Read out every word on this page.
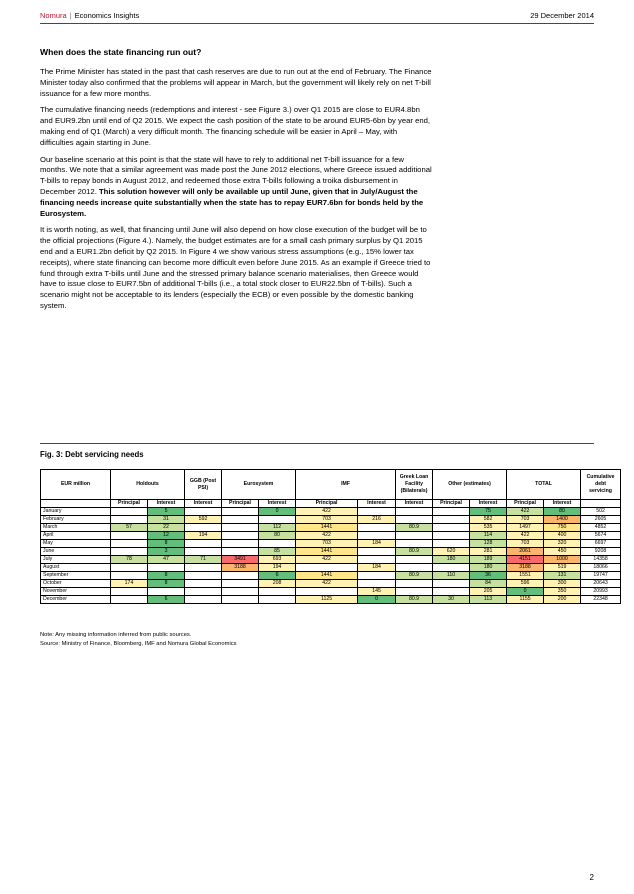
Nomura | Economics Insights	29 December 2014
When does the state financing run out?

The Prime Minister has stated in the past that cash reserves are due to run out at the end of February. The Finance Minister today also confirmed that the problems will appear in March, but the government will likely rely on net T-bill issuance for a few more months.

The cumulative financing needs (redemptions and interest - see Figure 3.) over Q1 2015 are close to EUR4.8bn and EUR9.2bn until end of Q2 2015. We expect the cash position of the state to be around EUR5-6bn by year end, making end of Q1 (March) a very difficult month. The financing schedule will be easier in April – May, with difficulties again starting in June.

Our baseline scenario at this point is that the state will have to rely to additional net T-bill issuance for a few months. We note that a similar agreement was made post the June 2012 elections, where Greece issued additional T-bills to repay bonds in August 2012, and redeemed those extra T-bills following a troika disbursement in December 2012. This solution however will only be available up until June, given that in July/August the financing needs increase quite substantially when the state has to repay EUR7.6bn for bonds held by the Eurosystem.

It is worth noting, as well, that financing until June will also depend on how close execution of the budget will be to the official projections (Figure 4.). Namely, the budget estimates are for a small cash primary surplus by Q1 2015 end and a EUR1.2bn deficit by Q2 2015. In Figure 4 we show various stress assumptions (e.g., 15% lower tax receipts), where state financing can become more difficult even before June 2015. As an example if Greece tried to fund through extra T-bills until June and the stressed primary balance scenario materialises, then Greece would have to issue close to EUR7.5bn of additional T-bills (i.e., a total stock closer to EUR22.5bn of T-bills). Such a scenario might not be acceptable to its lenders (especially the ECB) or even possible by the domestic banking system.

Fig. 3: Debt servicing needs
EUR million	Holdouts		GGB (Post PSI)	Eurosystem		IMF		Greek Loan Facility (Bilaterals)	Other (estimates)		TOTAL		Cumulative debt servicing
	Principal	Interest	Interest	Principal	Interest	Principal	Interest	Interest	Principal	Interest	Principal	Interest	
January		5			0	422				75	422	80	502
February		31	592			703	216			582	703	1400	2605
March	57	22			112	1441		80.9		535	1497	750	4852
April		12	194		80	422				114	422	400	5674
May		8				703	184			128	703	320	6697
June		3			85	1441		80.9	620	281	2061	450	9208
July	78	47	71	3491	693	422			180	189	4151	1000	14358
August				3188	194		184			180	3188	519	18066
September		8			6	1441		80.9	110	36	1551	131	19747
October	174	8			208	422				84	596	300	20643
November							145			205	0	350	20993
December		6				1125	0	80.9	30	113	1155	200	22348
Note: Any missing information inferred from public sources.
Source: Ministry of Finance, Bloomberg, IMF and Nomura Global Economics
2
